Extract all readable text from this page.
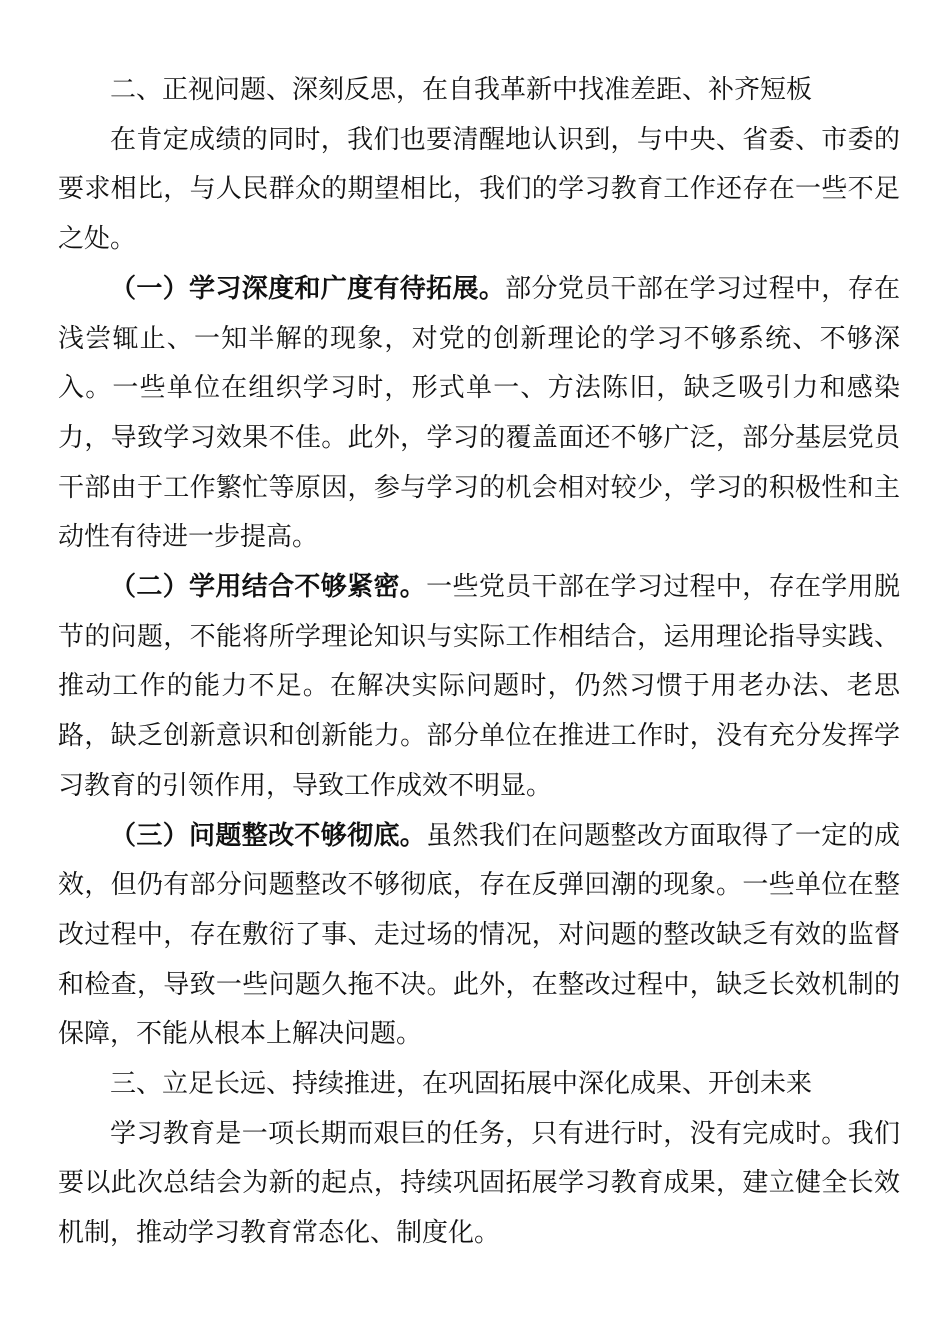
二、正视问题、深刻反思，在自我革新中找准差距、补齐短板

在肯定成绩的同时，我们也要清醒地认识到，与中央、省委、市委的要求相比，与人民群众的期望相比，我们的学习教育工作还存在一些不足之处。

（一）学习深度和广度有待拓展。部分党员干部在学习过程中，存在浅尝辄止、一知半解的现象，对党的创新理论的学习不够系统、不够深入。一些单位在组织学习时，形式单一、方法陈旧，缺乏吸引力和感染力，导致学习效果不佳。此外，学习的覆盖面还不够广泛，部分基层党员干部由于工作繁忙等原因，参与学习的机会相对较少，学习的积极性和主动性有待进一步提高。

（二）学用结合不够紧密。一些党员干部在学习过程中，存在学用脱节的问题，不能将所学理论知识与实际工作相结合，运用理论指导实践、推动工作的能力不足。在解决实际问题时，仍然习惯于用老办法、老思路，缺乏创新意识和创新能力。部分单位在推进工作时，没有充分发挥学习教育的引领作用，导致工作成效不明显。

（三）问题整改不够彻底。虽然我们在问题整改方面取得了一定的成效，但仍有部分问题整改不够彻底，存在反弹回潮的现象。一些单位在整改过程中，存在敷衍了事、走过场的情况，对问题的整改缺乏有效的监督和检查，导致一些问题久拖不决。此外，在整改过程中，缺乏长效机制的保障，不能从根本上解决问题。

三、立足长远、持续推进，在巩固拓展中深化成果、开创未来

学习教育是一项长期而艰巨的任务，只有进行时，没有完成时。我们要以此次总结会为新的起点，持续巩固拓展学习教育成果，建立健全长效机制，推动学习教育常态化、制度化。
